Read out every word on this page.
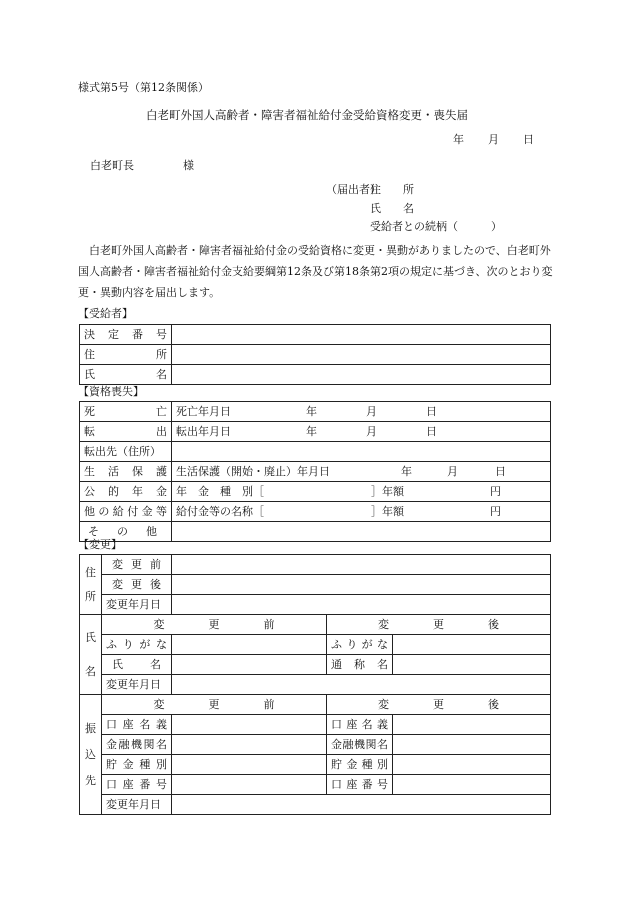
様式第5号（第12条関係）
白老町外国人高齢者・障害者福祉給付金受給資格変更・喪失届
年 月 日
白老町長	様
（届出者）
住　　所
氏　　名
受給者との続柄（　　　）
白老町外国人高齢者・障害者福祉給付金の受給資格に変更・異動がありましたので、白老町外国人高齢者・障害者福祉給付金支給要綱第12条及び第18条第2項の規定に基づき、次のとおり変更・異動内容を届出します。
【受給者】
決定番号	
住所	
氏名	
【資格喪失】
死亡	死亡年月日 年 月 日

転出	転出年月日 年 月 日

転出先（住所）	
生活保護	生活保護（開始・廃止）年月日 年 月 日

公的年金	年　金　種　別［ ］年額 円

他の給付金等	給付金等の名称［ ］年額 円

その他	
【変更】
住所	変更前			
	変更後			
	変更年月日			

氏名	変　　　　更　　　　前		変　　　　更　　　　後	
	ふりがな		ふりがな	
	氏名		通称名	
	変更年月日			

振込先	変　　　　更　　　　前		変　　　　更　　　　後	
	口座名義		口座名義	
	金融機関名		金融機関名	
	貯金種別		貯金種別	
	口座番号		口座番号	
	変更年月日			
